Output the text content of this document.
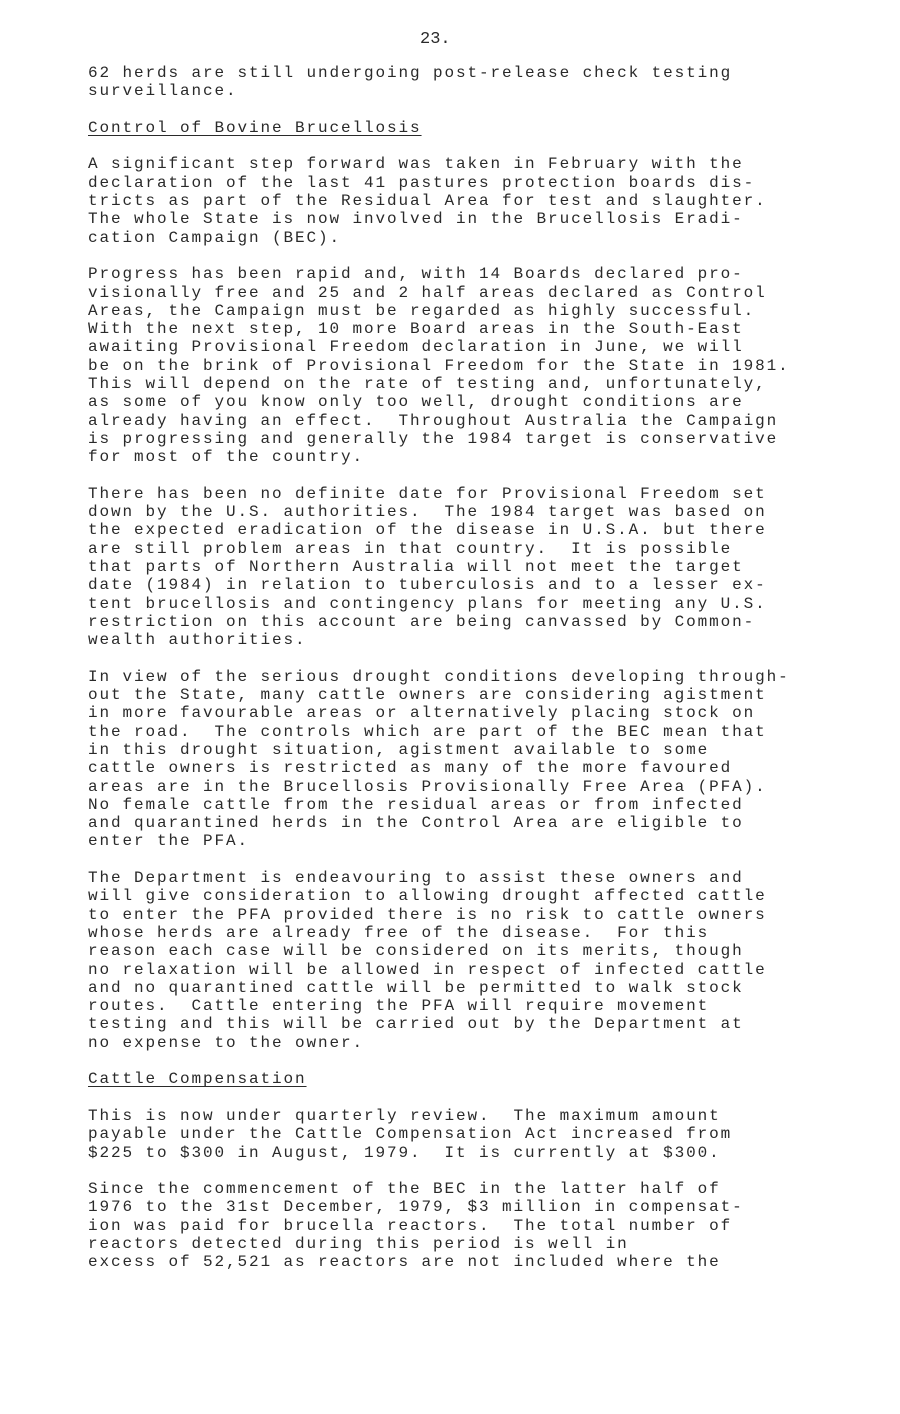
23.
62 herds are still undergoing post-release check testing
surveillance.
Control of Bovine Brucellosis
A significant step forward was taken in February with the
declaration of the last 41 pastures protection boards dis-
tricts as part of the Residual Area for test and slaughter.
The whole State is now involved in the Brucellosis Eradi-
cation Campaign (BEC).
Progress has been rapid and, with 14 Boards declared pro-
visionally free and 25 and 2 half areas declared as Control
Areas, the Campaign must be regarded as highly successful.
With the next step, 10 more Board areas in the South-East
awaiting Provisional Freedom declaration in June, we will
be on the brink of Provisional Freedom for the State in 1981.
This will depend on the rate of testing and, unfortunately,
as some of you know only too well, drought conditions are
already having an effect.  Throughout Australia the Campaign
is progressing and generally the 1984 target is conservative
for most of the country.
There has been no definite date for Provisional Freedom set
down by the U.S. authorities.  The 1984 target was based on
the expected eradication of the disease in U.S.A. but there
are still problem areas in that country.  It is possible
that parts of Northern Australia will not meet the target
date (1984) in relation to tuberculosis and to a lesser ex-
tent brucellosis and contingency plans for meeting any U.S.
restriction on this account are being canvassed by Common-
wealth authorities.
In view of the serious drought conditions developing through-
out the State, many cattle owners are considering agistment
in more favourable areas or alternatively placing stock on
the road.  The controls which are part of the BEC mean that
in this drought situation, agistment available to some
cattle owners is restricted as many of the more favoured
areas are in the Brucellosis Provisionally Free Area (PFA).
No female cattle from the residual areas or from infected
and quarantined herds in the Control Area are eligible to
enter the PFA.
The Department is endeavouring to assist these owners and
will give consideration to allowing drought affected cattle
to enter the PFA provided there is no risk to cattle owners
whose herds are already free of the disease.  For this
reason each case will be considered on its merits, though
no relaxation will be allowed in respect of infected cattle
and no quarantined cattle will be permitted to walk stock
routes.  Cattle entering the PFA will require movement
testing and this will be carried out by the Department at
no expense to the owner.
Cattle Compensation
This is now under quarterly review.  The maximum amount
payable under the Cattle Compensation Act increased from
$225 to $300 in August, 1979.  It is currently at $300.
Since the commencement of the BEC in the latter half of
1976 to the 31st December, 1979, $3 million in compensat-
ion was paid for brucella reactors.  The total number of
reactors detected during this period is well in
excess of 52,521 as reactors are not included where the
